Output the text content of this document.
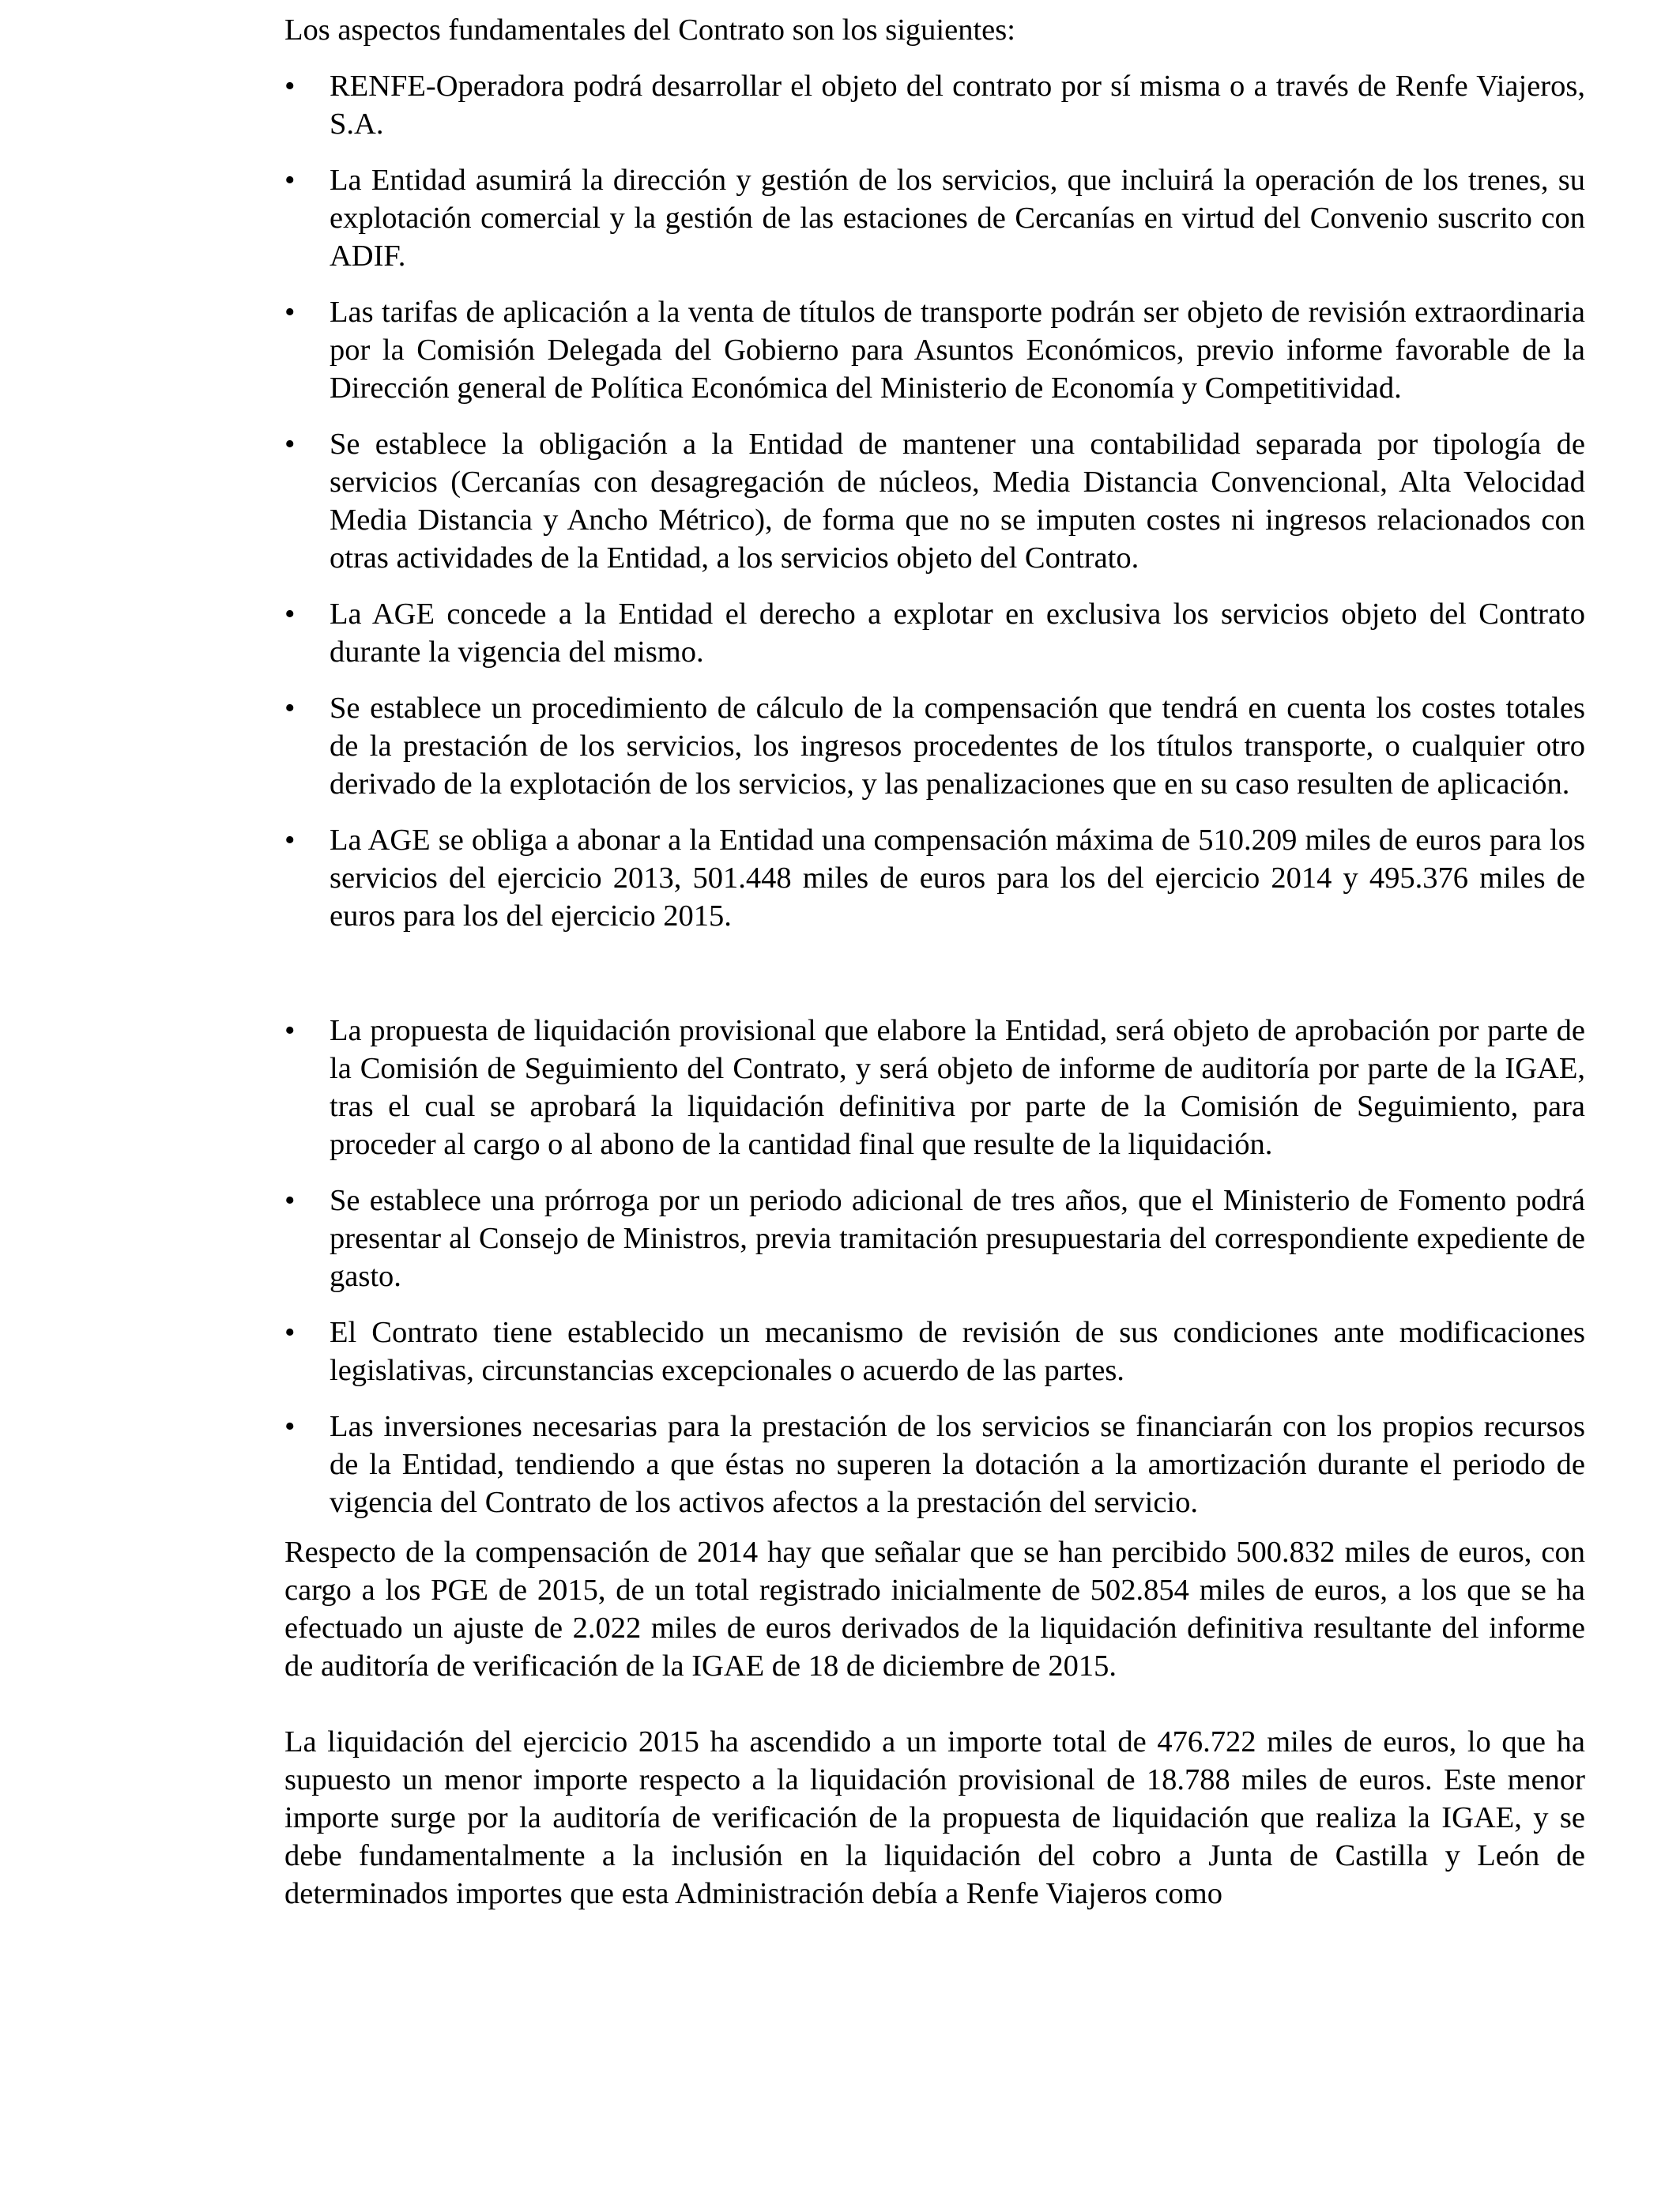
Los aspectos fundamentales del Contrato son los siguientes:

• RENFE-Operadora podrá desarrollar el objeto del contrato por sí misma o a través de Renfe Viajeros, S.A.
• La Entidad asumirá la dirección y gestión de los servicios, que incluirá la operación de los trenes, su explotación comercial y la gestión de las estaciones de Cercanías en virtud del Convenio suscrito con ADIF.
• Las tarifas de aplicación a la venta de títulos de transporte podrán ser objeto de revisión extraordinaria por la Comisión Delegada del Gobierno para Asuntos Económicos, previo informe favorable de la Dirección general de Política Económica del Ministerio de Economía y Competitividad.
• Se establece la obligación a la Entidad de mantener una contabilidad separada por tipología de servicios (Cercanías con desagregación de núcleos, Media Distancia Convencional, Alta Velocidad Media Distancia y Ancho Métrico), de forma que no se imputen costes ni ingresos relacionados con otras actividades de la Entidad, a los servicios objeto del Contrato.
• La AGE concede a la Entidad el derecho a explotar en exclusiva los servicios objeto del Contrato durante la vigencia del mismo.
• Se establece un procedimiento de cálculo de la compensación que tendrá en cuenta los costes totales de la prestación de los servicios, los ingresos procedentes de los títulos transporte, o cualquier otro derivado de la explotación de los servicios, y las penalizaciones que en su caso resulten de aplicación.
• La AGE se obliga a abonar a la Entidad una compensación máxima de 510.209 miles de euros para los servicios del ejercicio 2013, 501.448 miles de euros para los del ejercicio 2014 y 495.376 miles de euros para los del ejercicio 2015.
• La propuesta de liquidación provisional que elabore la Entidad, será objeto de aprobación por parte de la Comisión de Seguimiento del Contrato, y será objeto de informe de auditoría por parte de la IGAE, tras el cual se aprobará la liquidación definitiva por parte de la Comisión de Seguimiento, para proceder al cargo o al abono de la cantidad final que resulte de la liquidación.
• Se establece una prórroga por un periodo adicional de tres años, que el Ministerio de Fomento podrá presentar al Consejo de Ministros, previa tramitación presupuestaria del correspondiente expediente de gasto.
• El Contrato tiene establecido un mecanismo de revisión de sus condiciones ante modificaciones legislativas, circunstancias excepcionales o acuerdo de las partes.
• Las inversiones necesarias para la prestación de los servicios se financiarán con los propios recursos de la Entidad, tendiendo a que éstas no superen la dotación a la amortización durante el periodo de vigencia del Contrato de los activos afectos a la prestación del servicio.

Respecto de la compensación de 2014 hay que señalar que se han percibido 500.832 miles de euros, con cargo a los PGE de 2015, de un total registrado inicialmente de 502.854 miles de euros, a los que se ha efectuado un ajuste de 2.022 miles de euros derivados de la liquidación definitiva resultante del informe de auditoría de verificación de la IGAE de 18 de diciembre de 2015.

La liquidación del ejercicio 2015 ha ascendido a un importe total de 476.722 miles de euros, lo que ha supuesto un menor importe respecto a la liquidación provisional de 18.788 miles de euros. Este menor importe surge por la auditoría de verificación de la propuesta de liquidación que realiza la IGAE, y se debe fundamentalmente a la inclusión en la liquidación del cobro a Junta de Castilla y León de determinados importes que esta Administración debía a Renfe Viajeros como
